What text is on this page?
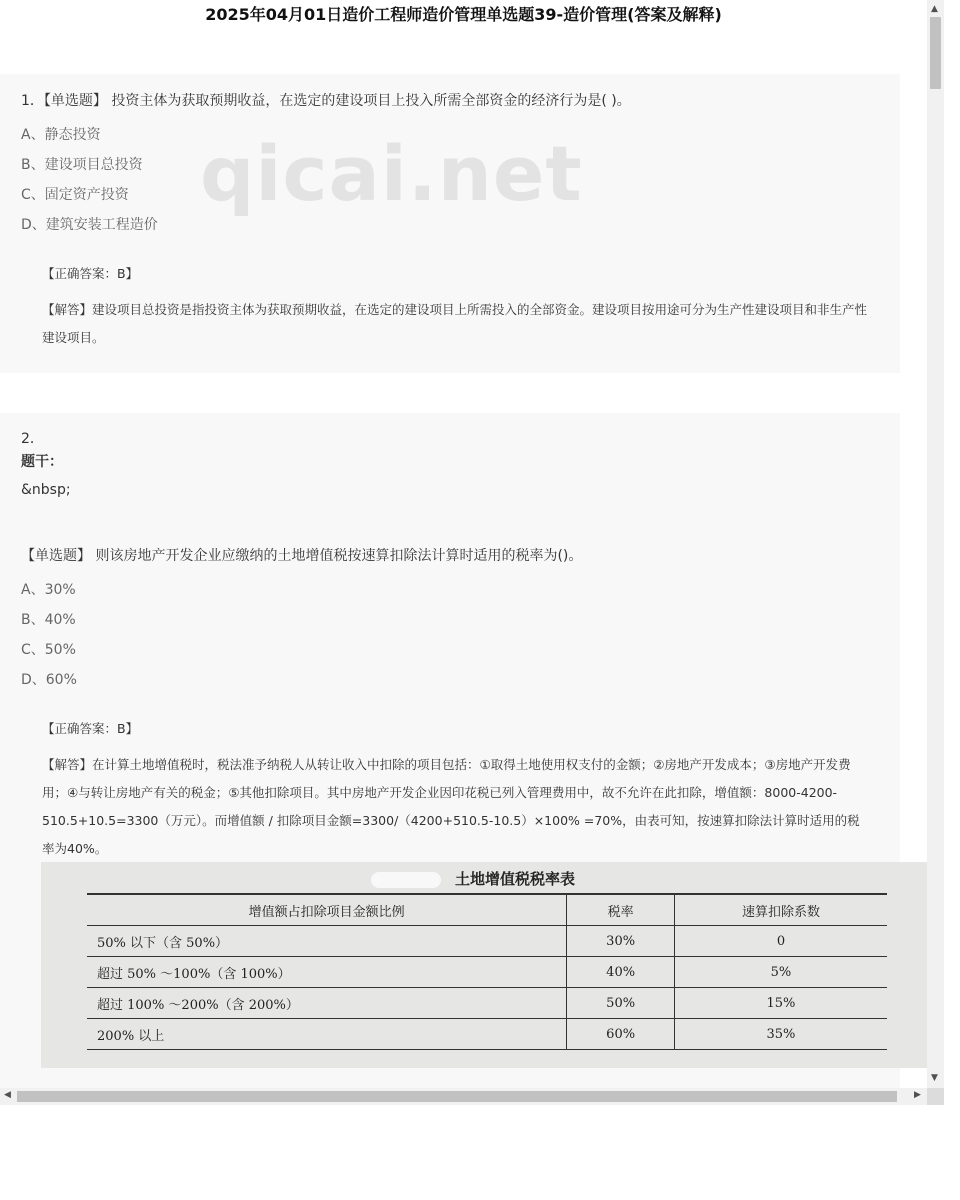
2025年04月01日造价工程师造价管理单选题39-造价管理(答案及解释)
1．【单选题】 投资主体为获取预期收益，在选定的建设项目上投入所需全部资金的经济行为是( )。
A、静态投资
B、建设项目总投资
C、固定资产投资
D、建筑安装工程造价
【正确答案：B】
【解答】建设项目总投资是指投资主体为获取预期收益，在选定的建设项目上所需投入的全部资金。建设项目按用途可分为生产性建设项目和非生产性建设项目。
qicai.net
2．
题干：
&nbsp;
【单选题】 则该房地产开发企业应缴纳的土地增值税按速算扣除法计算时适用的税率为()。
A、30%
B、40%
C、50%
D、60%
【正确答案：B】
【解答】在计算土地增值税时，税法准予纳税人从转让收入中扣除的项目包括：①取得土地使用权支付的金额；②房地产开发成本；③房地产开发费用；④与转让房地产有关的税金；⑤其他扣除项目。其中房地产开发企业因印花税已列入管理费用中，故不允许在此扣除，增值额：8000-4200-510.5+10.5=3300（万元）。而增值额 / 扣除项目金额=3300/（4200+510.5-10.5）×100% =70%，由表可知，按速算扣除法计算时适用的税率为40%。
土地增值税税率表
增值额占扣除项目金额比例	税率	速算扣除系数
50% 以下（含 50%）	30%	0
超过 50% ～100%（含 100%）	40%	5%
超过 100% ～200%（含 200%）	50%	15%
200% 以上	60%	35%
▲
▼
◀	▶
